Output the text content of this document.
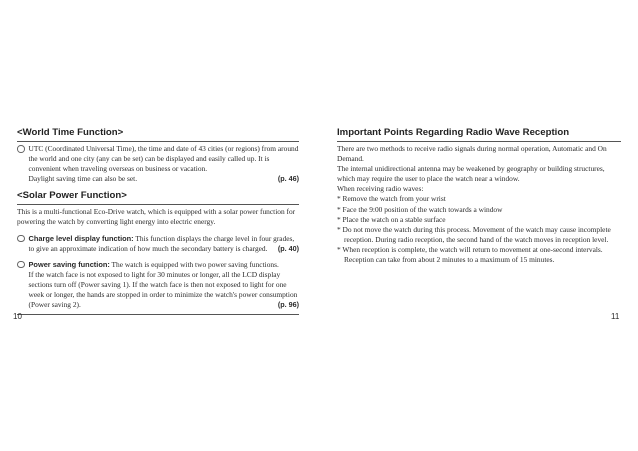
<World Time Function>
UTC (Coordinated Universal Time), the time and date of 43 cities (or regions) from around the world and one city (any can be set) can be displayed and easily called up. It is convenient when traveling overseas on business or vacation.
Daylight saving time can also be set.	(p. 46)
<Solar Power Function>
This is a multi-functional Eco-Drive watch, which is equipped with a solar power function for powering the watch by converting light energy into electric energy.
Charge level display function: This function displays the charge level in four grades, to give an approximate indication of how much the secondary battery is charged. (p. 40)
Power saving function: The watch is equipped with two power saving functions.
If the watch face is not exposed to light for 30 minutes or longer, all the LCD display sections turn off (Power saving 1). If the watch face is then not exposed to light for one week or longer, the hands are stopped in order to minimize the watch's power consumption (Power saving 2).	(p. 96)
10
Important Points Regarding Radio Wave Reception
There are two methods to receive radio signals during normal operation, Automatic and On Demand.
The internal unidirectional antenna may be weakened by geography or building structures, which may require the user to place the watch near a window.
When receiving radio waves:
* Remove the watch from your wrist
* Face the 9:00 position of the watch towards a window
* Place the watch on a stable surface
* Do not move the watch during this process. Movement of the watch may cause incomplete reception. During radio reception, the second hand of the watch moves in reception level.
* When reception is complete, the watch will return to movement at one-second intervals.
Reception can take from about 2 minutes to a maximum of 15 minutes.
11
